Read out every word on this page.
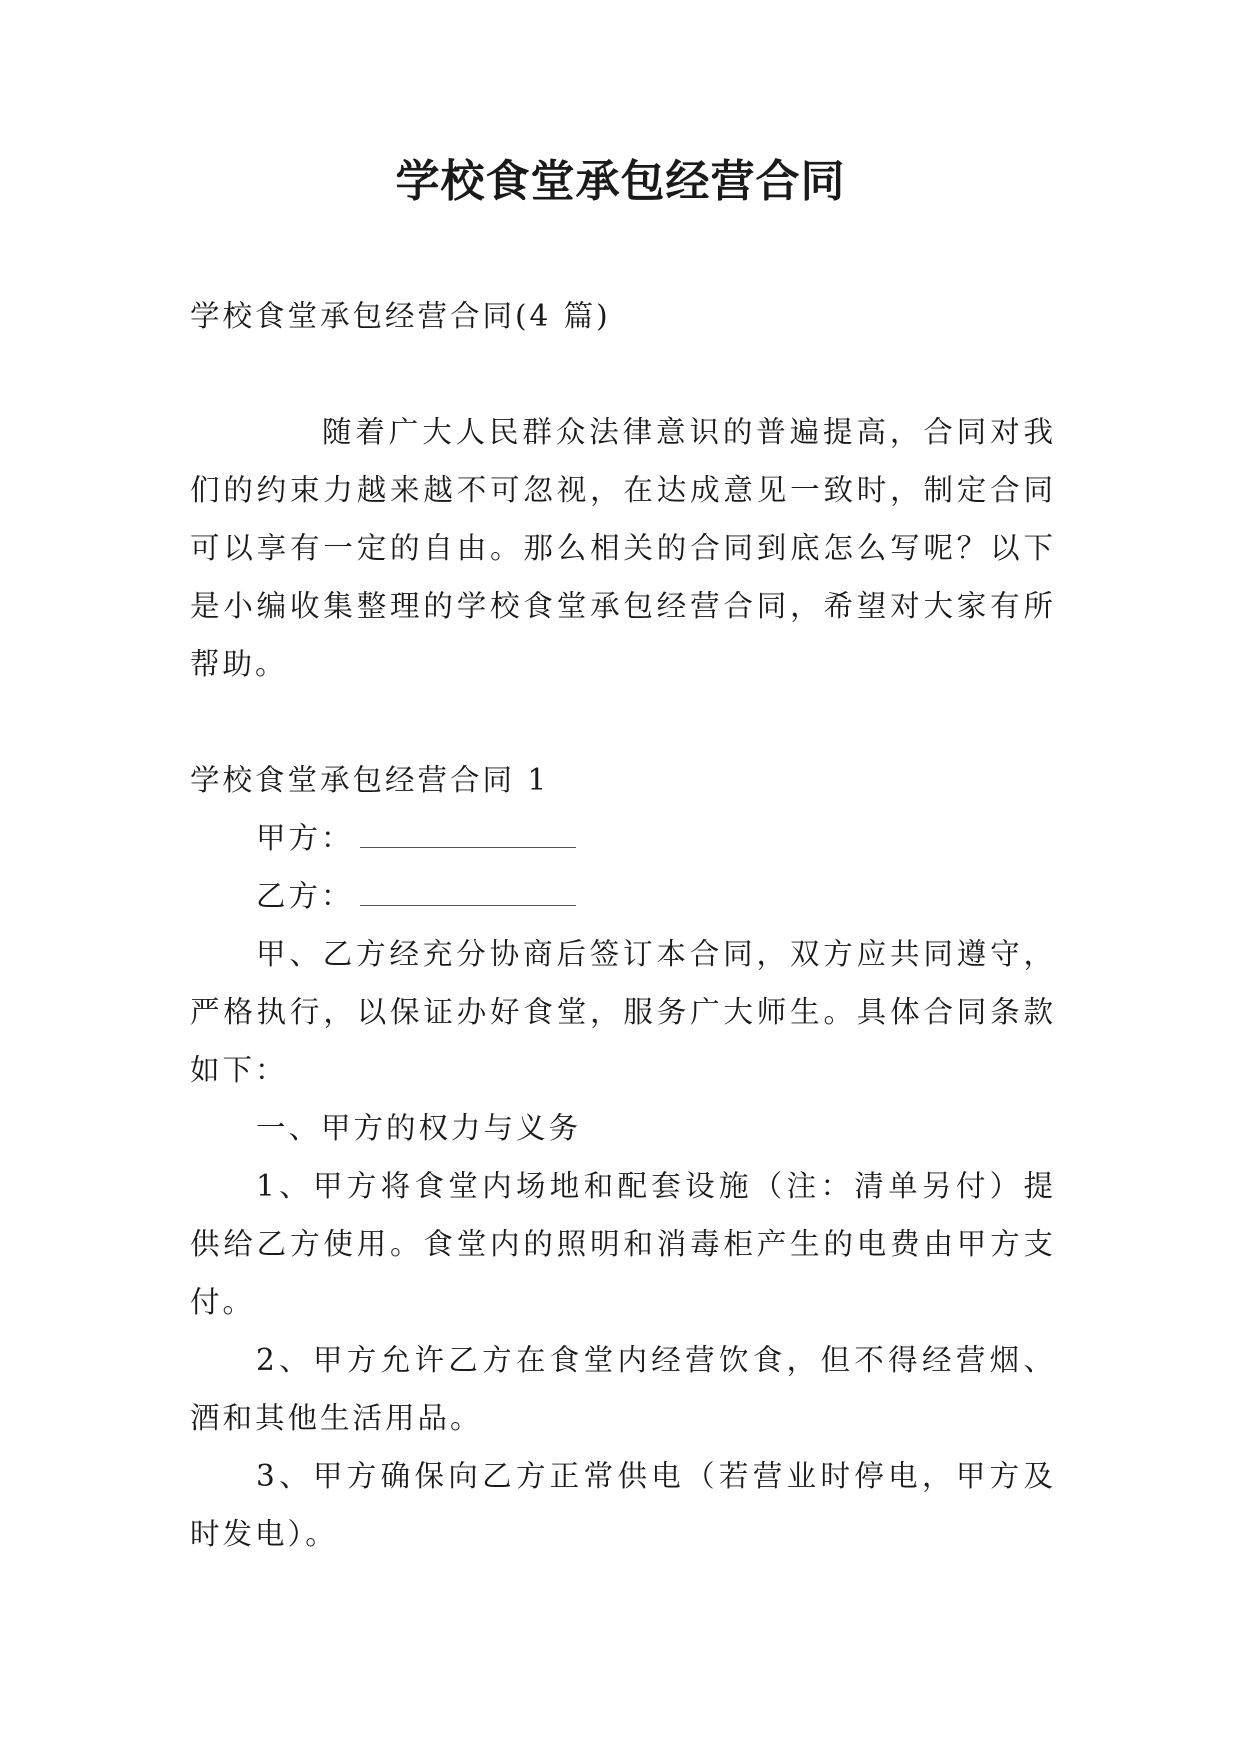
学校食堂承包经营合同

学校食堂承包经营合同(4 篇)

随着广大人民群众法律意识的普遍提高，合同对我们的约束力越来越不可忽视，在达成意见一致时，制定合同可以享有一定的自由。那么相关的合同到底怎么写呢？以下是小编收集整理的学校食堂承包经营合同，希望对大家有所帮助。

学校食堂承包经营合同 1

甲方：

乙方：

甲、乙方经充分协商后签订本合同，双方应共同遵守，严格执行，以保证办好食堂，服务广大师生。具体合同条款如下：

一、甲方的权力与义务

1、甲方将食堂内场地和配套设施（注：清单另付）提供给乙方使用。食堂内的照明和消毒柜产生的电费由甲方支付。

2、甲方允许乙方在食堂内经营饮食，但不得经营烟、酒和其他生活用品。

3、甲方确保向乙方正常供电（若营业时停电，甲方及时发电）。
